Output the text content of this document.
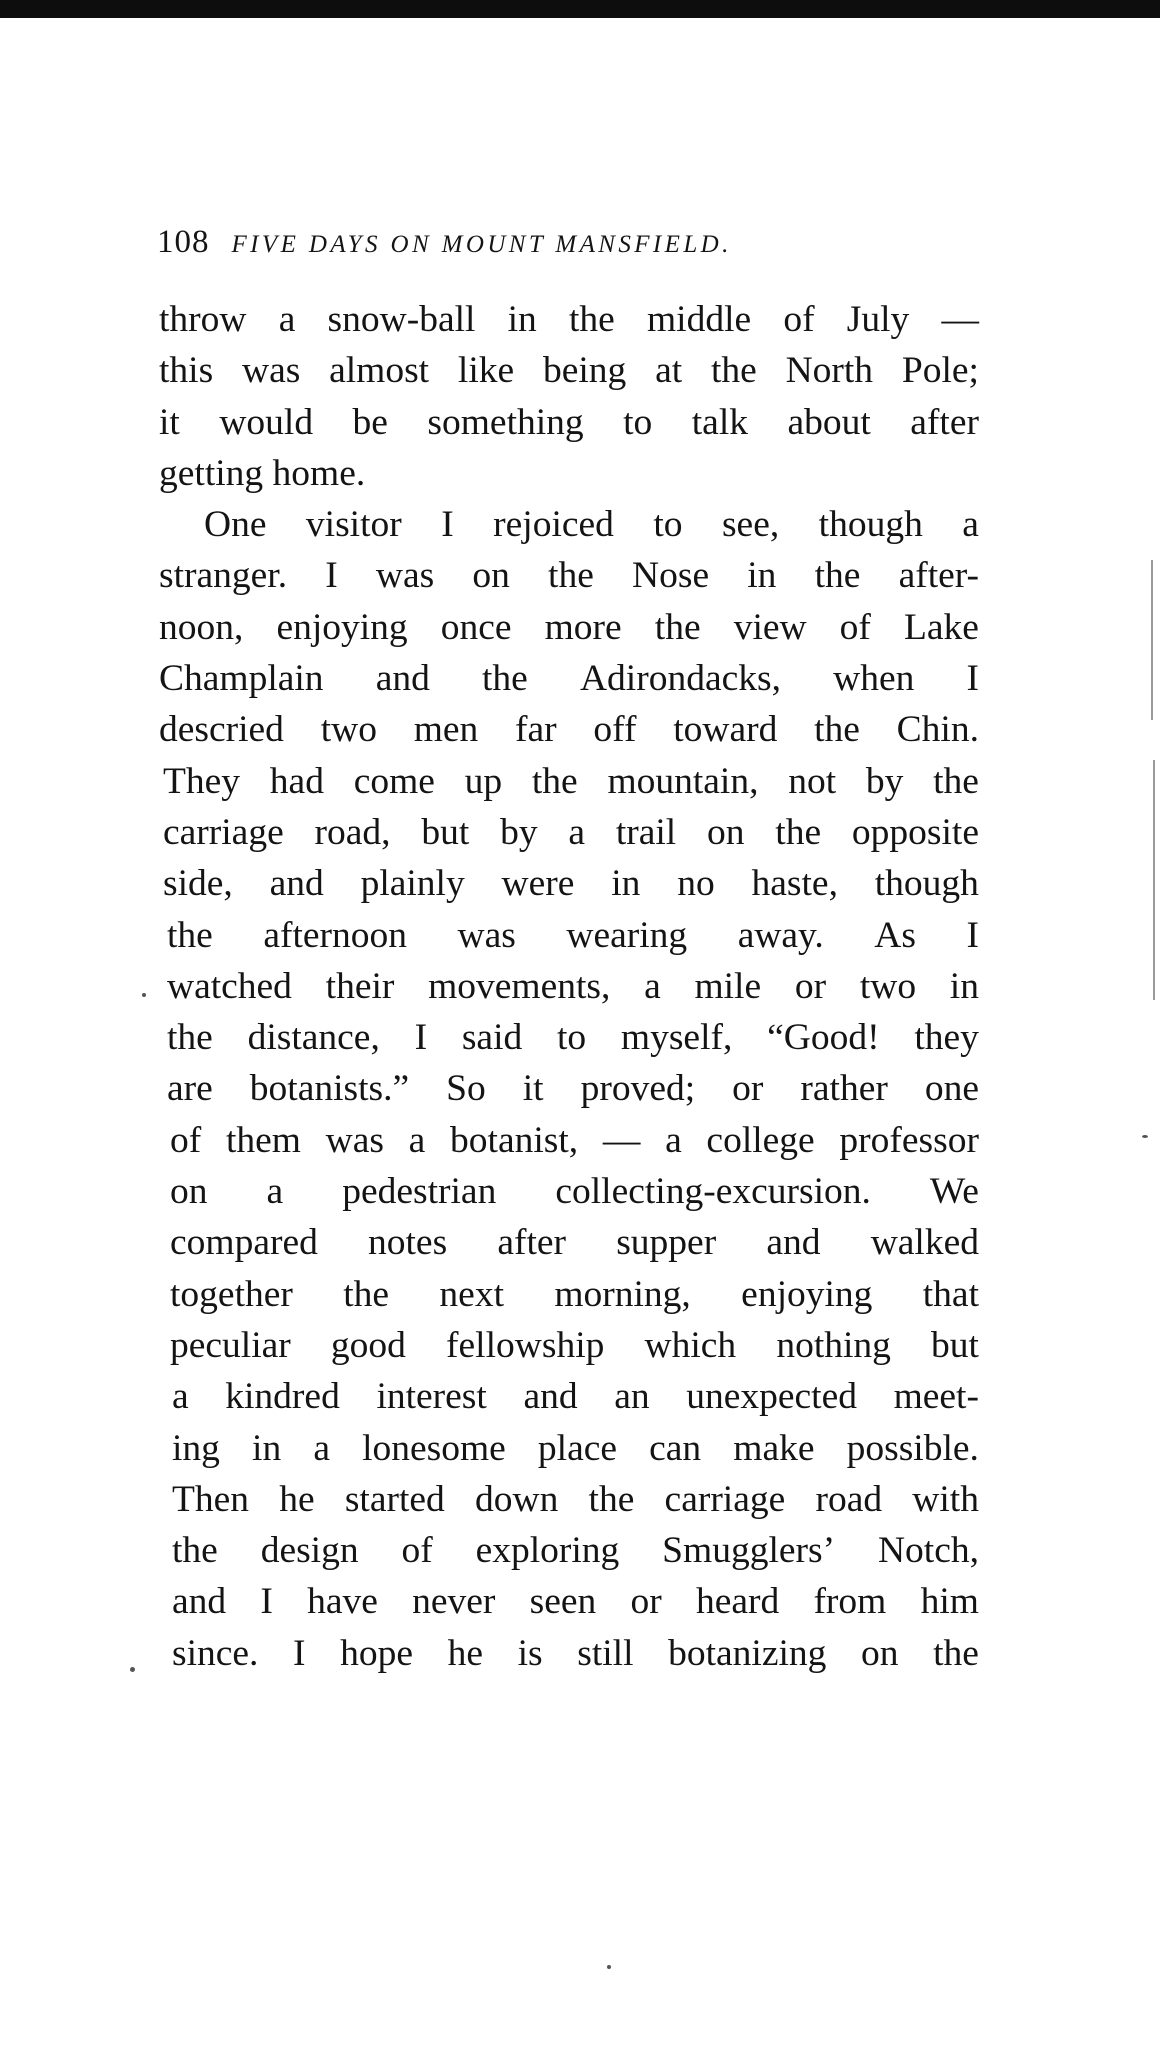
108 FIVE DAYS ON MOUNT MANSFIELD.
throw a snow-ball in the middle of July —
this was almost like being at the North Pole;
it would be something to talk about after
getting home.
One visitor I rejoiced to see, though a
stranger. I was on the Nose in the after-
noon, enjoying once more the view of Lake
Champlain and the Adirondacks, when I
descried two men far off toward the Chin.
They had come up the mountain, not by the
carriage road, but by a trail on the opposite
side, and plainly were in no haste, though
the afternoon was wearing away. As I
watched their movements, a mile or two in
the distance, I said to myself, “Good! they
are botanists.” So it proved; or rather one
of them was a botanist, — a college professor
on a pedestrian collecting-excursion. We
compared notes after supper and walked
together the next morning, enjoying that
peculiar good fellowship which nothing but
a kindred interest and an unexpected meet-
ing in a lonesome place can make possible.
Then he started down the carriage road with
the design of exploring Smugglers’ Notch,
and I have never seen or heard from him
since. I hope he is still botanizing on the
